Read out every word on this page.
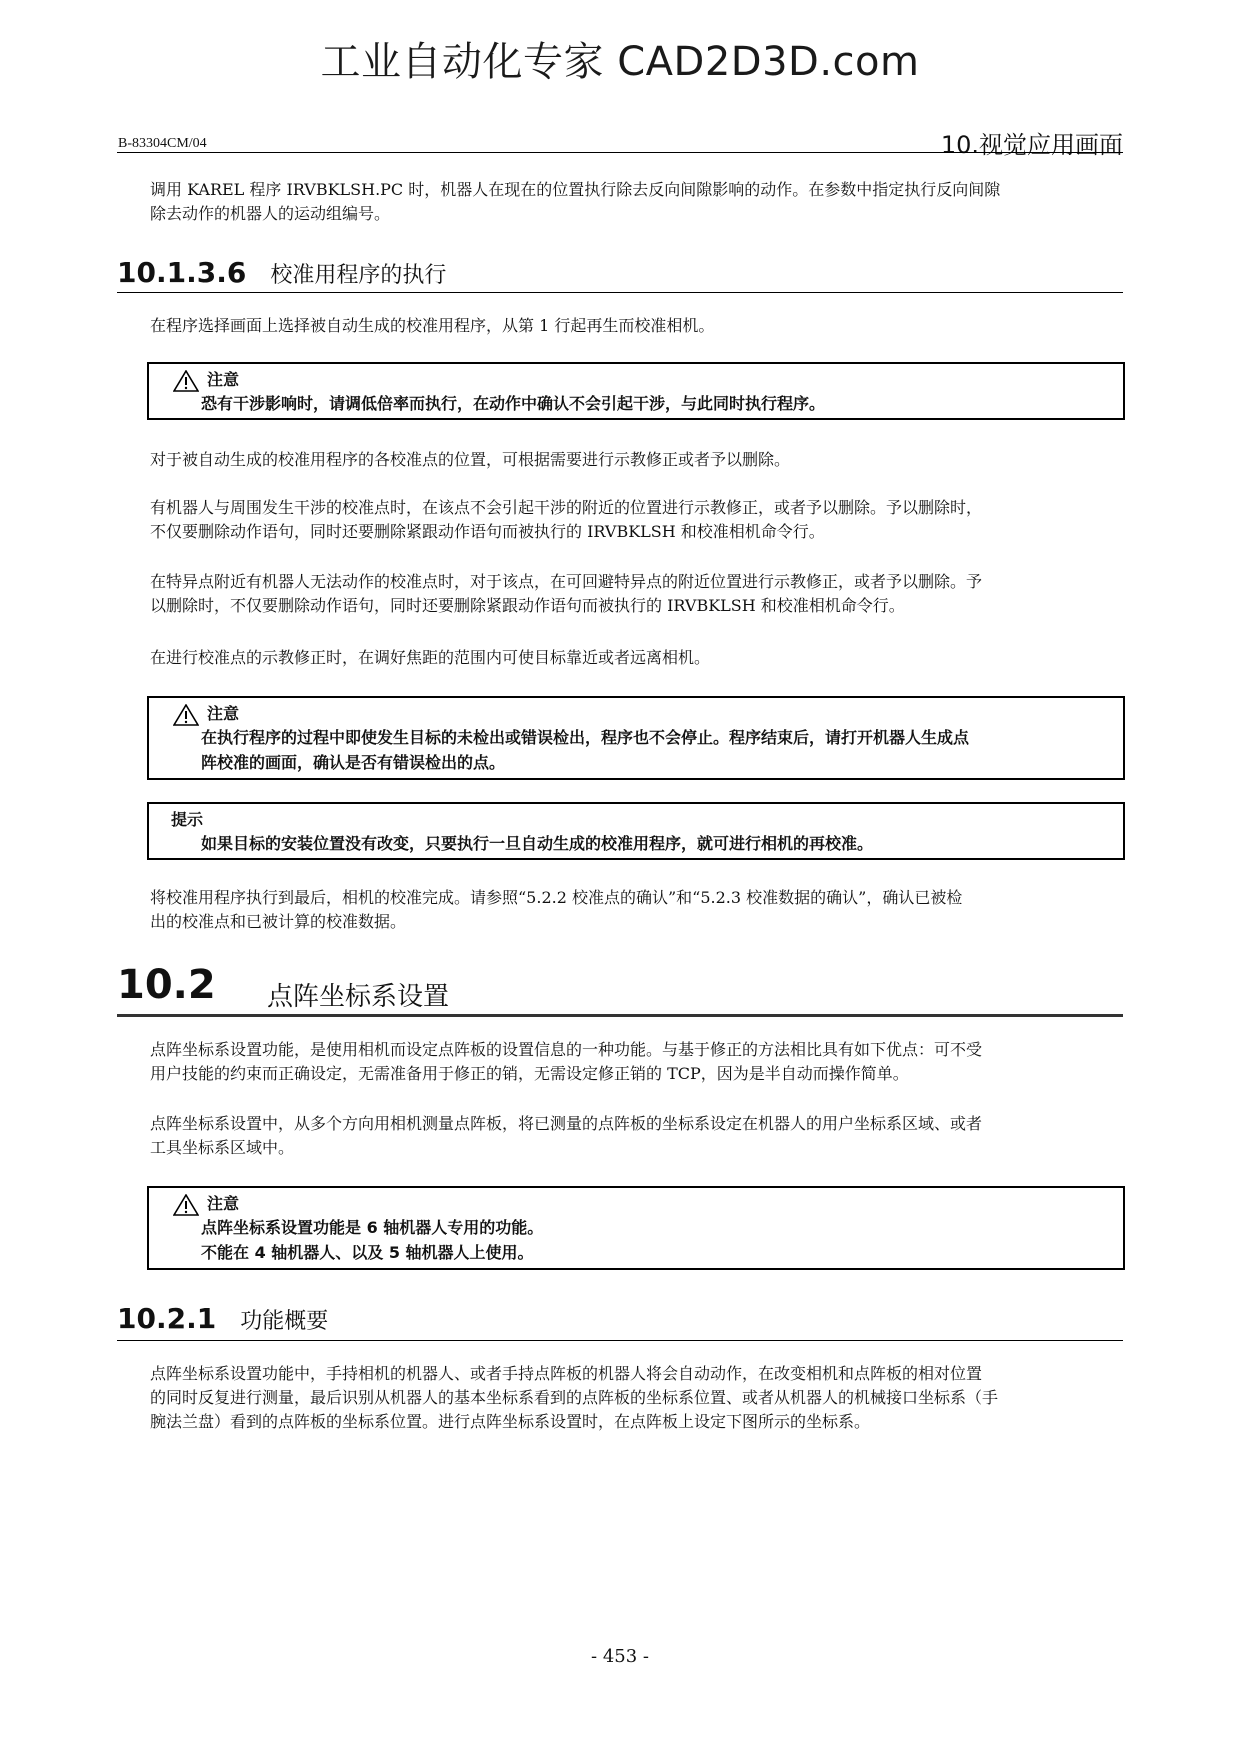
工业自动化专家 CAD2D3D.com
B-83304CM/04	10.视觉应用画面
调用 KAREL 程序 IRVBKLSH.PC 时，机器人在现在的位置执行除去反向间隙影响的动作。在参数中指定执行反向间隙
除去动作的机器人的运动组编号。
10.1.3.6 校准用程序的执行
在程序选择画面上选择被自动生成的校准用程序，从第 1 行起再生而校准相机。
注意
恐有干涉影响时，请调低倍率而执行，在动作中确认不会引起干涉，与此同时执行程序。
对于被自动生成的校准用程序的各校准点的位置，可根据需要进行示教修正或者予以删除。
有机器人与周围发生干涉的校准点时，在该点不会引起干涉的附近的位置进行示教修正，或者予以删除。予以删除时，
不仅要删除动作语句，同时还要删除紧跟动作语句而被执行的 IRVBKLSH 和校准相机命令行。
在特异点附近有机器人无法动作的校准点时，对于该点，在可回避特异点的附近位置进行示教修正，或者予以删除。予
以删除时，不仅要删除动作语句，同时还要删除紧跟动作语句而被执行的 IRVBKLSH 和校准相机命令行。
在进行校准点的示教修正时，在调好焦距的范围内可使目标靠近或者远离相机。
注意
在执行程序的过程中即使发生目标的未检出或错误检出，程序也不会停止。程序结束后，请打开机器人生成点
阵校准的画面，确认是否有错误检出的点。
提示
如果目标的安装位置没有改变，只要执行一旦自动生成的校准用程序，就可进行相机的再校准。
将校准用程序执行到最后，相机的校准完成。请参照“5.2.2 校准点的确认”和“5.2.3 校准数据的确认”，确认已被检
出的校准点和已被计算的校准数据。
10.2 点阵坐标系设置
点阵坐标系设置功能，是使用相机而设定点阵板的设置信息的一种功能。与基于修正的方法相比具有如下优点：可不受
用户技能的约束而正确设定，无需准备用于修正的销，无需设定修正销的 TCP，因为是半自动而操作简单。
点阵坐标系设置中，从多个方向用相机测量点阵板，将已测量的点阵板的坐标系设定在机器人的用户坐标系区域、或者
工具坐标系区域中。
注意
点阵坐标系设置功能是 6 轴机器人专用的功能。
不能在 4 轴机器人、以及 5 轴机器人上使用。
10.2.1 功能概要
点阵坐标系设置功能中，手持相机的机器人、或者手持点阵板的机器人将会自动动作，在改变相机和点阵板的相对位置
的同时反复进行测量，最后识别从机器人的基本坐标系看到的点阵板的坐标系位置、或者从机器人的机械接口坐标系（手
腕法兰盘）看到的点阵板的坐标系位置。进行点阵坐标系设置时，在点阵板上设定下图所示的坐标系。
- 453 -
